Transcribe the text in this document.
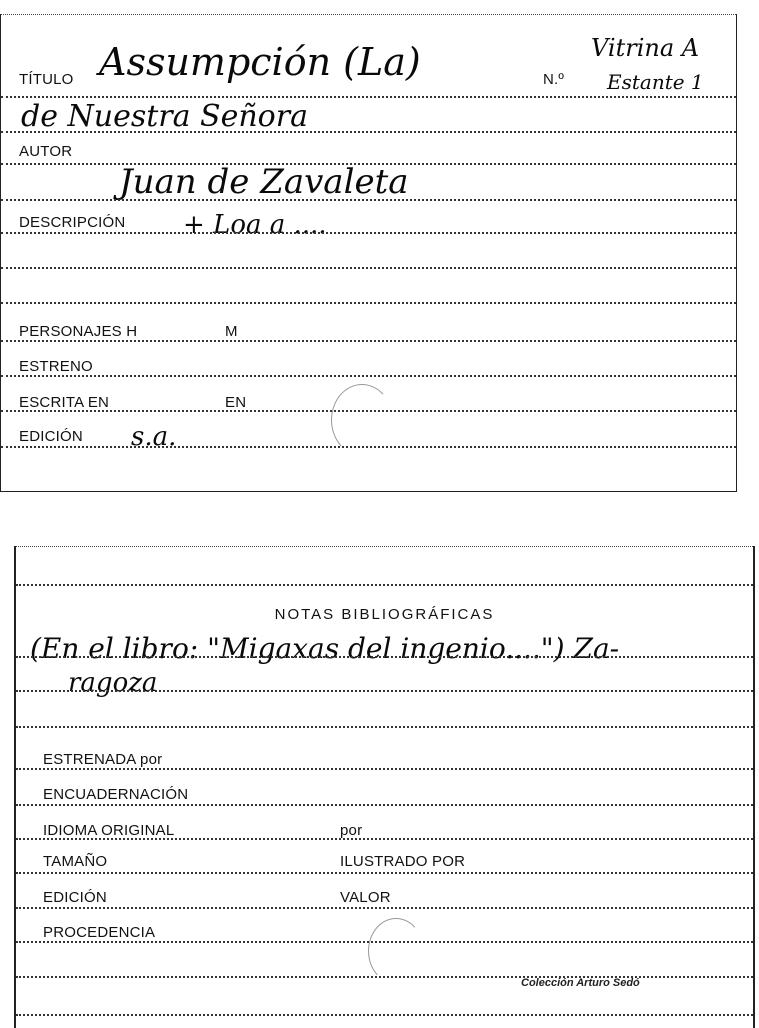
TÍTULO Assumpción (La)	N.º
Vitrina A
Estante 1
de Nuestra Señora
AUTOR
Juan de Zavaleta
DESCRIPCIÓN + Loa a ....
PERSONAJES H	M
ESTRENO
ESCRITA EN	EN
EDICIÓN s.a.
NOTAS BIBLIOGRÁFICAS
(En el libro: "Migaxas del ingenio....") Za-
ragoza
ESTRENADA por
ENCUADERNACIÓN
IDIOMA ORIGINAL	por
TAMAÑO	ILUSTRADO POR
EDICIÓN	VALOR
PROCEDENCIA
Colección Arturo Sedó
